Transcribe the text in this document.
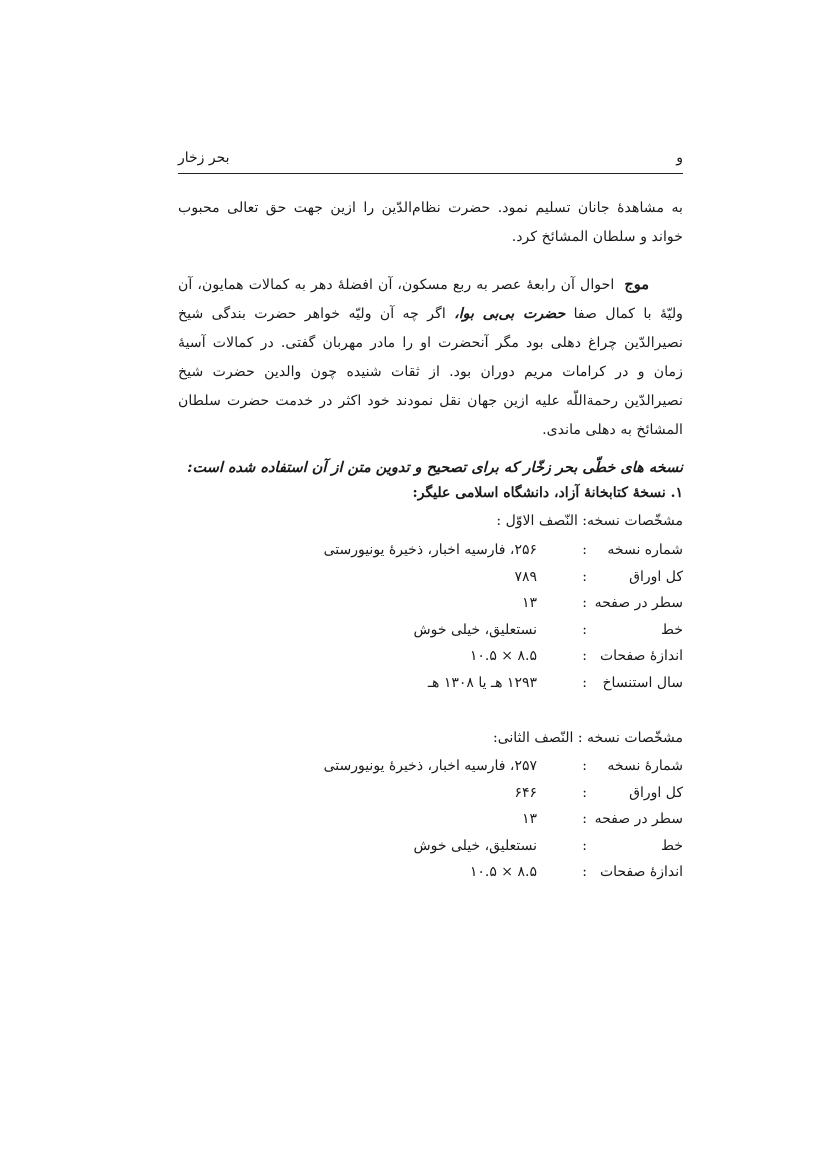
و
بحر زخار

به مشاهدهٔ جانان تسلیم نمود. حضرت نظام‌الدّین را ازین جهت حق تعالی محبوب خواند و سلطان المشائخ کرد.

موج  احوال آن رابعهٔ عصر به ربع مسکون، آن افضلهٔ دهر به کمالات همایون، آن ولیّهٔ با کمال صفا حضرت بی‌بی بوا، اگر چه آن ولیّه خواهر حضرت بندگی شیخ نصیرالدّین چراغ دهلی بود مگر آنحضرت او را مادر مهربان گفتی. در کمالات آسیهٔ زمان و در کرامات مریم دوران بود. از ثقات شنیده چون والدین حضرت شیخ نصیرالدّین رحمةاللّه علیه ازین جهان نقل نمودند خود اکثر در خدمت حضرت سلطان المشائخ به دهلی ماندی.

نسخه های خطّی بحر زخّار که برای تصحیح و تدوین متن از آن استفاده شده است:
۱. نسخهٔ کتابخانهٔ آزاد، دانشگاه اسلامی علیگر:
مشخّصات نسخه: النّصف الاوّل :
شماره نسخه
:
۲۵۶، فارسیه اخبار، ذخیرهٔ یونیورستی
کل اوراق
:
۷۸۹
سطر در صفحه
:
۱۳
خط
:
نستعلیق، خیلی خوش
اندازهٔ صفحات
:
۸.۵ × ۱۰.۵
سال استنساخ
:
۱۲۹۳ هـ یا ۱۳۰۸ هـ
مشخّصات نسخه : النّصف الثانی:
شمارهٔ نسخه
:
۲۵۷، فارسیه اخبار، ذخیرهٔ یونیورستی
کل اوراق
:
۶۴۶
سطر در صفحه
:
۱۳
خط
:
نستعلیق، خیلی خوش
اندازهٔ صفحات
:
۸.۵ × ۱۰.۵
